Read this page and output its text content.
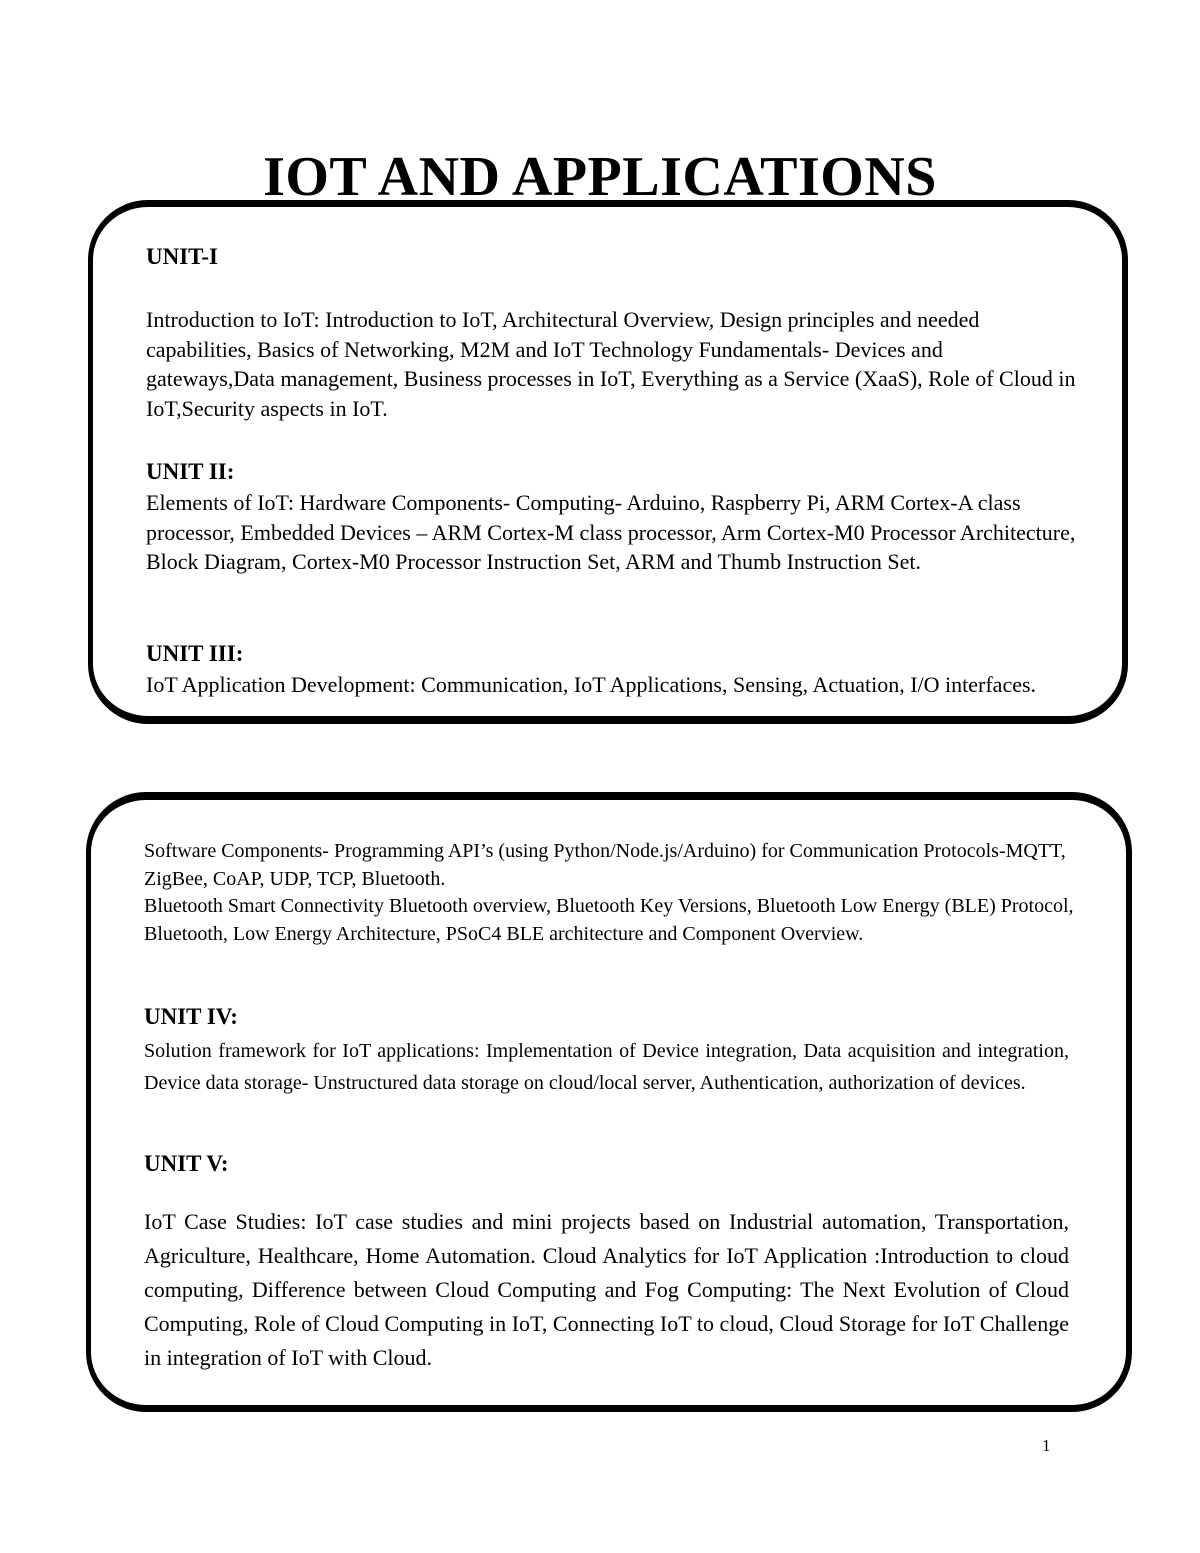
IOT AND APPLICATIONS
UNIT-I

Introduction to IoT: Introduction to IoT, Architectural Overview, Design principles and needed capabilities, Basics of Networking, M2M and IoT Technology Fundamentals- Devices and gateways,Data management, Business processes in IoT, Everything as a Service (XaaS), Role of Cloud in IoT,Security aspects in IoT.

UNIT II:

Elements of IoT: Hardware Components- Computing- Arduino, Raspberry Pi, ARM Cortex-A class processor, Embedded Devices – ARM Cortex-M class processor, Arm Cortex-M0 Processor Architecture, Block Diagram, Cortex-M0 Processor Instruction Set, ARM and Thumb Instruction Set.

UNIT III:

IoT Application Development: Communication, IoT Applications, Sensing, Actuation, I/O interfaces.

Software Components- Programming API’s (using Python/Node.js/Arduino) for Communication Protocols-MQTT, ZigBee, CoAP, UDP, TCP, Bluetooth.
Bluetooth Smart Connectivity Bluetooth overview, Bluetooth Key Versions, Bluetooth Low Energy (BLE) Protocol, Bluetooth, Low Energy Architecture, PSoC4 BLE architecture and Component Overview.
UNIT IV:

Solution framework for IoT applications: Implementation of Device integration, Data acquisition and integration, Device data storage- Unstructured data storage on cloud/local server, Authentication, authorization of devices.

UNIT V:

IoT Case Studies: IoT case studies and mini projects based on Industrial automation, Transportation, Agriculture, Healthcare, Home Automation. Cloud Analytics for IoT Application :Introduction to cloud computing, Difference between Cloud Computing and Fog Computing: The Next Evolution of Cloud Computing, Role of Cloud Computing in IoT, Connecting IoT to cloud, Cloud Storage for IoT Challenge in integration of IoT with Cloud.

1
